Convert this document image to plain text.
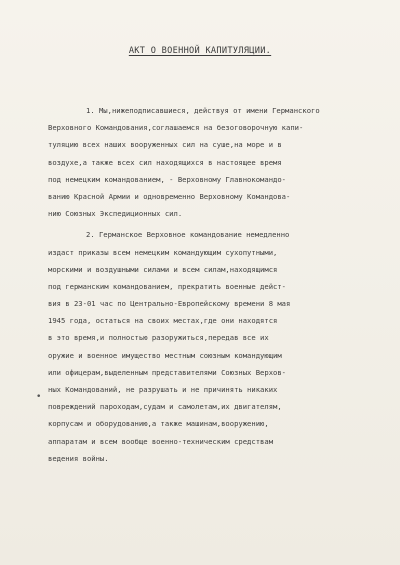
АКТ О ВОЕННОЙ КАПИТУЛЯЦИИ.
1. Мы,нижеподписавшиеся, действуя от имени Германского
Верховного Командования,соглашаемся на безоговорочную капи-
туляцию всех наших вооруженных сил на суше,на море и в
воздухе,а также всех сил находящихся в настоящее время
под немецким командованием, - Верховному Главнокомандо-
ванию Красной Армии и одновременно Верховному Командова-
нию Союзных Экспедиционных сил.
2. Германское Верховное командование немедленно
издаст приказы всем немецким командующим сухопутными,
морскими и воздушными силами и всем силам,находящимся
под германским командованием, прекратить военные дейст-
вия в 23-01 час по Центрально-Европейскому времени 8 мая
1945 года, остаться на своих местах,где они находятся
в это время,и полностью разоружиться,передав все их
оружие и военное имущество местным союзным командующим
или офицерам,выделенным представителями Союзных Верхов-
ных Командований, не разрушать и не причинять никаких
повреждений пароходам,судам и самолетам,их двигателям,
корпусам и оборудованию,а также машинам,вооружению,
аппаратам и всем вообще военно-техническим средствам
ведения войны.
•
